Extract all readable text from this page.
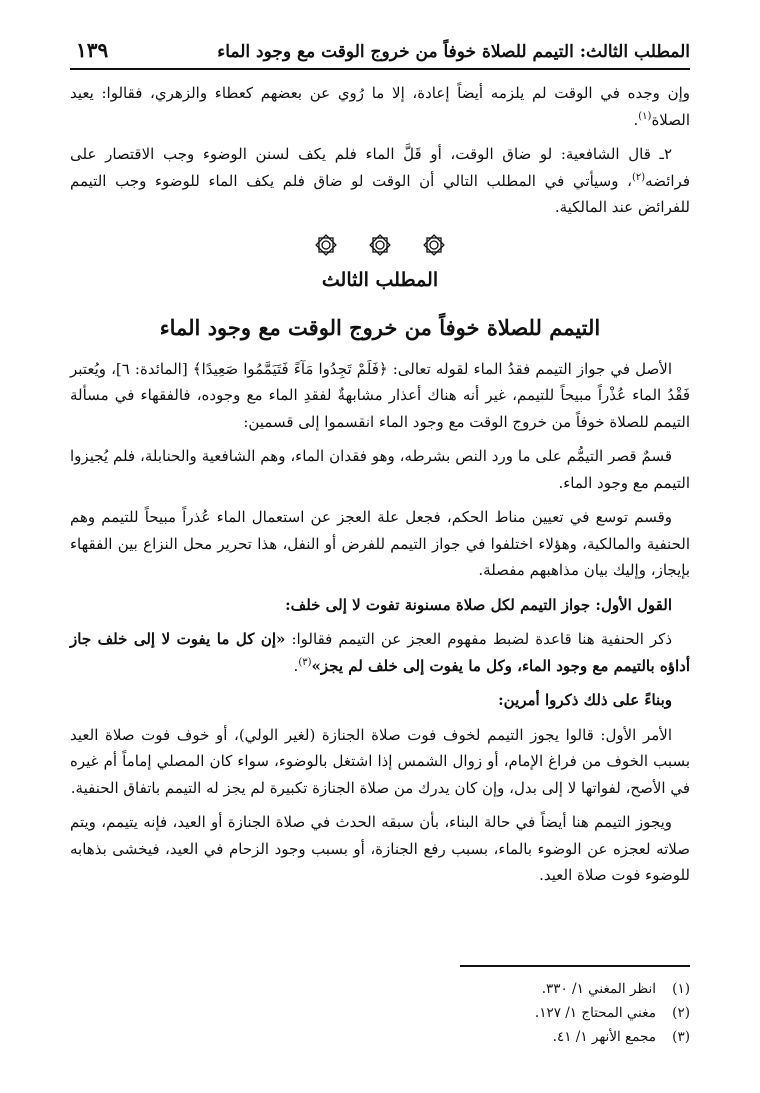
المطلب الثالث: التيمم للصلاة خوفاً من خروج الوقت مع وجود الماء
١٣٩

وإن وجده في الوقت لم يلزمه أيضاً إعادة، إلا ما رُوي عن بعضهم كعطاء والزهري، فقالوا: يعيد الصلاة$^{(١)}$.

٢ـ قال الشافعية: لو ضاق الوقت، أو قَلَّ الماء فلم يكف لسنن الوضوء وجب الاقتصار على فرائضه$^{(٢)}$، وسيأتي في المطلب التالي أن الوقت لو ضاق فلم يكف الماء للوضوء وجب التيمم للفرائض عند المالكية.

المطلب الثالث
التيمم للصلاة خوفاً من خروج الوقت مع وجود الماء

الأصل في جواز التيمم فقدُ الماء لقوله تعالى: ﴿فَلَمْ تَجِدُوا مَآءً فَتَيَمَّمُوا صَعِيدًا﴾ [المائدة: ٦]، ويُعتبر فَقْدُ الماء عُذْراً مبيحاً للتيمم، غير أنه هناك أعذار مشابهةٌ لفقدِ الماء مع وجوده، فالفقهاء في مسألة التيمم للصلاة خوفاً من خروج الوقت مع وجود الماء انقسموا إلى قسمين:

قسمٌ قصر التيمُّم على ما ورد النص بشرطه، وهو فقدان الماء، وهم الشافعية والحنابلة، فلم يُجيزوا التيمم مع وجود الماء.

وقسم توسع في تعيين مناط الحكم، فجعل علة العجز عن استعمال الماء عُذراً مبيحاً للتيمم وهم الحنفية والمالكية، وهؤلاء اختلفوا في جواز التيمم للفرض أو النفل، هذا تحرير محل النزاع بين الفقهاء بإيجاز، وإليك بيان مذاهبهم مفصلة.

القول الأول: جواز التيمم لكل صلاة مسنونة تفوت لا إلى خلف:

ذكر الحنفية هنا قاعدة لضبط مفهوم العجز عن التيمم فقالوا: «إن كل ما يفوت لا إلى خلف جاز أداؤه بالتيمم مع وجود الماء، وكل ما يفوت إلى خلف لم يجز»$^{(٣)}$.

وبناءً على ذلك ذكروا أمرين:

الأمر الأول: قالوا يجوز التيمم لخوف فوت صلاة الجنازة (لغير الولي)، أو خوف فوت صلاة العيد بسبب الخوف من فراغ الإمام، أو زوال الشمس إذا اشتغل بالوضوء، سواء كان المصلي إماماً أم غيره في الأصح، لفواتها لا إلى بدل، وإن كان يدرك من صلاة الجنازة تكبيرة لم يجز له التيمم باتفاق الحنفية.

ويجوز التيمم هنا أيضاً في حالة البناء، بأن سبقه الحدث في صلاة الجنازة أو العيد، فإنه يتيمم، ويتم صلاته لعجزه عن الوضوء بالماء، بسبب رفع الجنازة، أو بسبب وجود الزحام في العيد، فيخشى بذهابه للوضوء فوت صلاة العيد.

(١)انظر المغني ١/ ٣٣٠.
(٢)مغني المحتاج ١/ ١٢٧.
(٣)مجمع الأنهر ١/ ٤١.
